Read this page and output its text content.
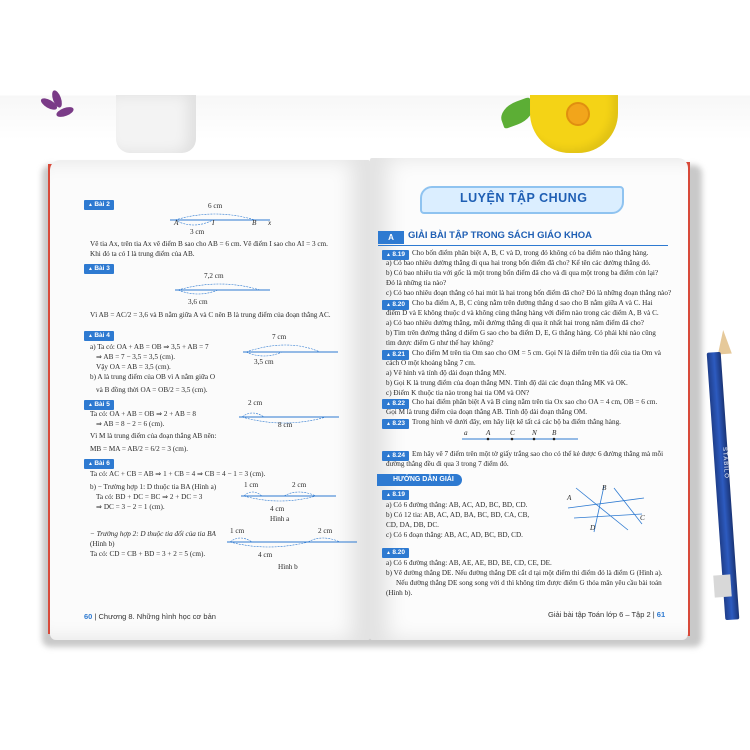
▲ Bài 2	6 cm
A	I	B x
3 cm
Vẽ tia Ax, trên tia Ax vẽ điểm B sao cho AB = 6 cm. Vẽ điểm I sao cho AI = 3 cm.
Khi đó ta có I là trung điểm của AB.
▲ Bài 3
7,2 cm
3,6 cm
Vì AB = AC/2 = 3,6 và B nằm giữa A và C nên B là trung điểm của đoạn thẳng AC.
▲ Bài 4	7 cm
3,5 cm
a) Ta có: OA + AB = OB ⇒ 3,5 + AB = 7
⇒ AB = 7 − 3,5 = 3,5 (cm).
Vậy OA = AB = 3,5 (cm).
b) A là trung điểm của OB vì A nằm giữa O
và B đồng thời OA = OB/2 = 3,5 (cm).
▲ Bài 5	2 cm
8 cm
Ta có: OA + AB = OB ⇒ 2 + AB = 8
⇒ AB = 8 − 2 = 6 (cm).
Vì M là trung điểm của đoạn thẳng AB nên:
MB = MA = AB/2 = 6/2 = 3 (cm).
▲ Bài 6
Ta có: AC + CB = AB ⇒ 1 + CB = 4 ⇒ CB = 4 − 1 = 3 (cm).
b) − Trường hợp 1: D thuộc tia BA (Hình a)
Ta có: BD + DC = BC ⇒ 2 + DC = 3
⇒ DC = 3 − 2 = 1 (cm).
1 cm	2 cm
4 cm
Hình a
− Trường hợp 2: D thuộc tia đối của tia BA
(Hình b)
Ta có: CD = CB + BD = 3 + 2 = 5 (cm).
1 cm	2 cm
4 cm
Hình b
60 | Chương 8. Những hình học cơ bản
LUYỆN TẬP CHUNG
A	GIẢI BÀI TẬP TRONG SÁCH GIÁO KHOA
▲ 8.19 Cho bốn điểm phân biệt A, B, C và D, trong đó không có ba điểm nào thẳng hàng.
a) Có bao nhiêu đường thẳng đi qua hai trong bốn điểm đã cho? Kể tên các đường thẳng đó.
b) Có bao nhiêu tia với gốc là một trong bốn điểm đã cho và đi qua một trong ba điểm còn lại?
Đó là những tia nào?
c) Có bao nhiêu đoạn thẳng có hai mút là hai trong bốn điểm đã cho? Đó là những đoạn thẳng nào?
▲ 8.20 Cho ba điểm A, B, C cùng nằm trên đường thẳng d sao cho B nằm giữa A và C. Hai
điểm D và E không thuộc d và không cùng thẳng hàng với điểm nào trong các điểm A, B và C.
a) Có bao nhiêu đường thẳng, mỗi đường thẳng đi qua ít nhất hai trong năm điểm đã cho?
b) Tìm trên đường thẳng d điểm G sao cho ba điểm D, E, G thẳng hàng. Có phải khi nào cũng
tìm được điểm G như thế hay không?
▲ 8.21 Cho điểm M trên tia Om sao cho OM = 5 cm. Gọi N là điểm trên tia đối của tia Om và
cách O một khoảng bằng 7 cm.
a) Vẽ hình và tính độ dài đoạn thẳng MN.
b) Gọi K là trung điểm của đoạn thẳng MN. Tính độ dài các đoạn thẳng MK và OK.
c) Điểm K thuộc tia nào trong hai tia OM và ON?
▲ 8.22 Cho hai điểm phân biệt A và B cùng nằm trên tia Ox sao cho OA = 4 cm, OB = 6 cm.
Gọi M là trung điểm của đoạn thẳng AB. Tính độ dài đoạn thẳng OM.
▲ 8.23 Trong hình vẽ dưới đây, em hãy liệt kê tất cả các bộ ba điểm thẳng hàng.
a	A	C N B
▲ 8.24 Em hãy vẽ 7 điểm trên một tờ giấy trắng sao cho có thể kẻ được 6 đường thẳng mà mỗi
đường thẳng đều đi qua 3 trong 7 điểm đó.
HƯỚNG DẪN GIẢI
▲ 8.19
a) Có 6 đường thẳng: AB, AC, AD, BC, BD, CD.
b) Có 12 tia: AB, AC, AD, BA, BC, BD, CA, CB,
CD, DA, DB, DC.
c) Có 6 đoạn thẳng: AB, AC, AD, BC, BD, CD.
A
B
C
D
▲ 8.20
a) Có 6 đường thẳng: AB, AE, AE, BD, BE, CD, CE, DE.
b) Vẽ đường thẳng DE. Nếu đường thẳng DE cắt d tại một điểm thì điểm đó là điểm G (Hình a).
Nếu đường thẳng DE song song với d thì không tìm được điểm G thỏa mãn yêu cầu bài toán
(Hình b).
Giải bài tập Toán lớp 6 – Tập 2 | 61
STABILO
